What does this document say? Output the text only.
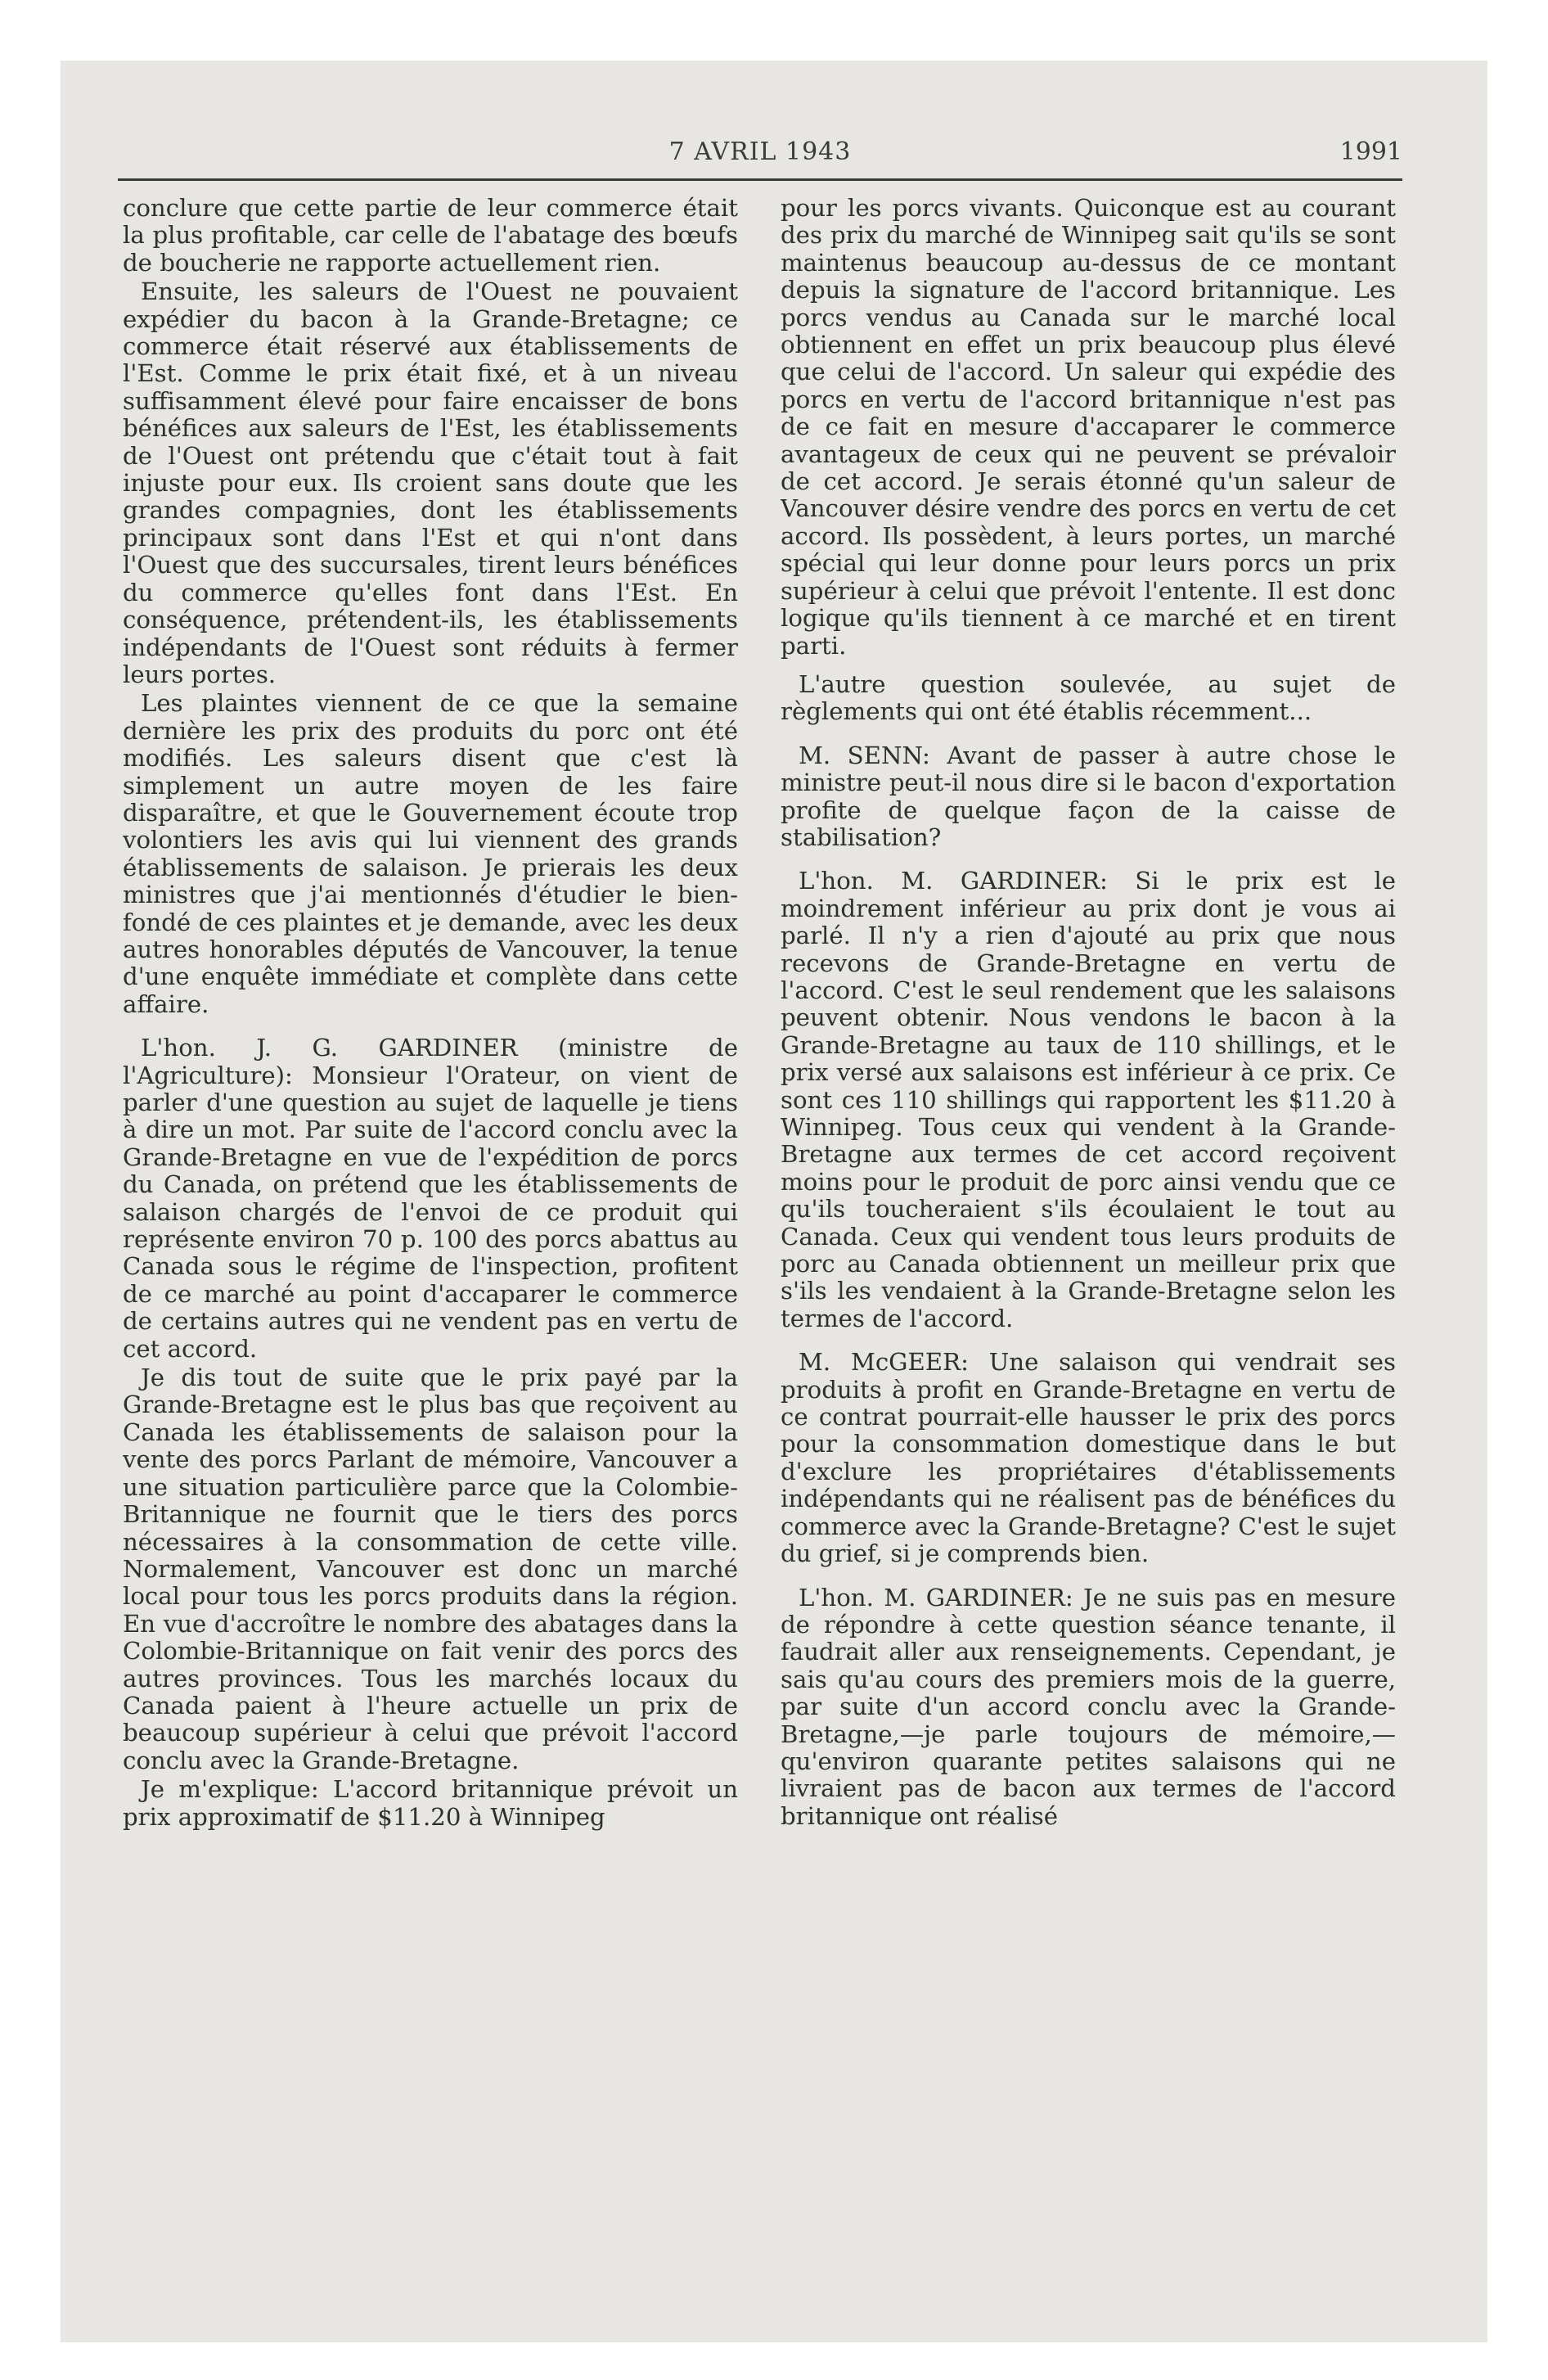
7 AVRIL 1943	1991

conclure que cette partie de leur commerce était la plus profitable, car celle de l'abatage des bœufs de boucherie ne rapporte actuellement rien.

Ensuite, les saleurs de l'Ouest ne pouvaient expédier du bacon à la Grande-Bretagne; ce commerce était réservé aux établissements de l'Est. Comme le prix était fixé, et à un niveau suffisamment élevé pour faire encaisser de bons bénéfices aux saleurs de l'Est, les établissements de l'Ouest ont prétendu que c'était tout à fait injuste pour eux. Ils croient sans doute que les grandes compagnies, dont les établissements principaux sont dans l'Est et qui n'ont dans l'Ouest que des succursales, tirent leurs bénéfices du commerce qu'elles font dans l'Est. En conséquence, prétendent-ils, les établissements indépendants de l'Ouest sont réduits à fermer leurs portes.

Les plaintes viennent de ce que la semaine dernière les prix des produits du porc ont été modifiés. Les saleurs disent que c'est là simplement un autre moyen de les faire disparaître, et que le Gouvernement écoute trop volontiers les avis qui lui viennent des grands établissements de salaison. Je prierais les deux ministres que j'ai mentionnés d'étudier le bien-fondé de ces plaintes et je demande, avec les deux autres honorables députés de Vancouver, la tenue d'une enquête immédiate et complète dans cette affaire.

L'hon. J. G. GARDINER (ministre de l'Agriculture): Monsieur l'Orateur, on vient de parler d'une question au sujet de laquelle je tiens à dire un mot. Par suite de l'accord conclu avec la Grande-Bretagne en vue de l'expédition de porcs du Canada, on prétend que les établissements de salaison chargés de l'envoi de ce produit qui représente environ 70 p. 100 des porcs abattus au Canada sous le régime de l'inspection, profitent de ce marché au point d'accaparer le commerce de certains autres qui ne vendent pas en vertu de cet accord.

Je dis tout de suite que le prix payé par la Grande-Bretagne est le plus bas que reçoivent au Canada les établissements de salaison pour la vente des porcs Parlant de mémoire, Vancouver a une situation particulière parce que la Colombie-Britannique ne fournit que le tiers des porcs nécessaires à la consommation de cette ville. Normalement, Vancouver est donc un marché local pour tous les porcs produits dans la région. En vue d'accroître le nombre des abatages dans la Colombie-Britannique on fait venir des porcs des autres provinces. Tous les marchés locaux du Canada paient à l'heure actuelle un prix de beaucoup supérieur à celui que prévoit l'accord conclu avec la Grande-Bretagne.

Je m'explique: L'accord britannique prévoit un prix approximatif de $11.20 à Winnipeg

pour les porcs vivants. Quiconque est au courant des prix du marché de Winnipeg sait qu'ils se sont maintenus beaucoup au-dessus de ce montant depuis la signature de l'accord britannique. Les porcs vendus au Canada sur le marché local obtiennent en effet un prix beaucoup plus élevé que celui de l'accord. Un saleur qui expédie des porcs en vertu de l'accord britannique n'est pas de ce fait en mesure d'accaparer le commerce avantageux de ceux qui ne peuvent se prévaloir de cet accord. Je serais étonné qu'un saleur de Vancouver désire vendre des porcs en vertu de cet accord. Ils possèdent, à leurs portes, un marché spécial qui leur donne pour leurs porcs un prix supérieur à celui que prévoit l'entente. Il est donc logique qu'ils tiennent à ce marché et en tirent parti.

L'autre question soulevée, au sujet de règlements qui ont été établis récemment...

M. SENN: Avant de passer à autre chose le ministre peut-il nous dire si le bacon d'exportation profite de quelque façon de la caisse de stabilisation?

L'hon. M. GARDINER: Si le prix est le moindrement inférieur au prix dont je vous ai parlé. Il n'y a rien d'ajouté au prix que nous recevons de Grande-Bretagne en vertu de l'accord. C'est le seul rendement que les salaisons peuvent obtenir. Nous vendons le bacon à la Grande-Bretagne au taux de 110 shillings, et le prix versé aux salaisons est inférieur à ce prix. Ce sont ces 110 shillings qui rapportent les $11.20 à Winnipeg. Tous ceux qui vendent à la Grande-Bretagne aux termes de cet accord reçoivent moins pour le produit de porc ainsi vendu que ce qu'ils toucheraient s'ils écoulaient le tout au Canada. Ceux qui vendent tous leurs produits de porc au Canada obtiennent un meilleur prix que s'ils les vendaient à la Grande-Bretagne selon les termes de l'accord.

M. McGEER: Une salaison qui vendrait ses produits à profit en Grande-Bretagne en vertu de ce contrat pourrait-elle hausser le prix des porcs pour la consommation domestique dans le but d'exclure les propriétaires d'établissements indépendants qui ne réalisent pas de bénéfices du commerce avec la Grande-Bretagne? C'est le sujet du grief, si je comprends bien.

L'hon. M. GARDINER: Je ne suis pas en mesure de répondre à cette question séance tenante, il faudrait aller aux renseignements. Cependant, je sais qu'au cours des premiers mois de la guerre, par suite d'un accord conclu avec la Grande-Bretagne,—je parle toujours de mémoire,—qu'environ quarante petites salaisons qui ne livraient pas de bacon aux termes de l'accord britannique ont réalisé
